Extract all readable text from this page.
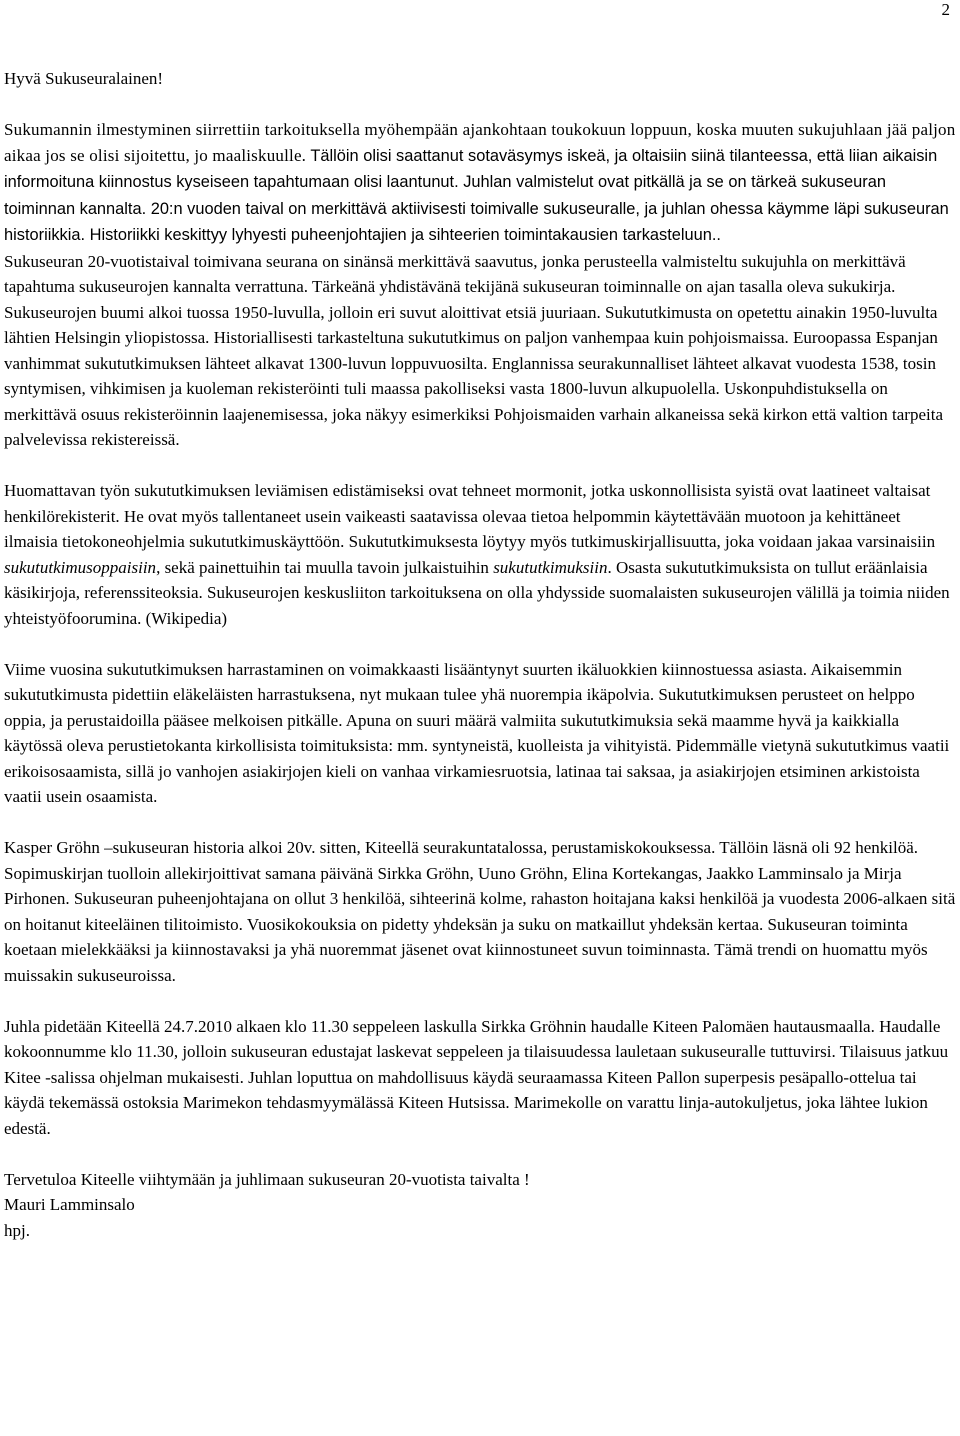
2

Hyvä Sukuseuralainen!

Sukumannin ilmestyminen siirrettiin tarkoituksella myöhempään ajankohtaan toukokuun loppuun, koska muuten sukujuhlaan jää paljon aikaa jos se olisi sijoitettu, jo maaliskuulle. Tällöin olisi saattanut sotaväsymys iskeä, ja oltaisiin siinä tilanteessa, että liian aikaisin informoituna kiinnostus kyseiseen tapahtumaan olisi laantunut. Juhlan valmistelut ovat pitkällä ja se on tärkeä sukuseuran toiminnan kannalta. 20:n vuoden taival on merkittävä aktiivisesti toimivalle sukuseuralle, ja juhlan ohessa käymme läpi sukuseuran historiikkia. Historiikki keskittyy lyhyesti puheenjohtajien ja sihteerien toimintakausien tarkasteluun..

Sukuseuran 20-vuotistaival toimivana seurana on sinänsä merkittävä saavutus, jonka perusteella valmisteltu sukujuhla on merkittävä tapahtuma sukuseurojen kannalta verrattuna. Tärkeänä yhdistävänä tekijänä sukuseuran toiminnalle on ajan tasalla oleva sukukirja.

Sukuseurojen buumi alkoi tuossa 1950-luvulla, jolloin eri suvut aloittivat etsiä juuriaan. Sukututkimusta on opetettu ainakin 1950-luvulta lähtien Helsingin yliopistossa. Historiallisesti tarkasteltuna sukututkimus on paljon vanhempaa kuin pohjoismaissa. Euroopassa Espanjan vanhimmat sukututkimuksen lähteet alkavat 1300-luvun loppuvuosilta. Englannissa seurakunnalliset lähteet alkavat vuodesta 1538, tosin syntymisen, vihkimisen ja kuoleman rekisteröinti tuli maassa pakolliseksi vasta 1800-luvun alkupuolella. Uskonpuhdistuksella on merkittävä osuus rekisteröinnin laajenemisessa, joka näkyy esimerkiksi Pohjoismaiden varhain alkaneissa sekä kirkon että valtion tarpeita palvelevissa rekistereissä.

Huomattavan työn sukututkimuksen leviämisen edistämiseksi ovat tehneet mormonit, jotka uskonnollisista syistä ovat laatineet valtaisat henkilörekisterit. He ovat myös tallentaneet usein vaikeasti saatavissa olevaa tietoa helpommin käytettävään muotoon ja kehittäneet ilmaisia tietokoneohjelmia sukututkimuskäyttöön. Sukututkimuksesta löytyy myös tutkimuskirjallisuutta, joka voidaan jakaa varsinaisiin sukututkimusoppaisiin, sekä painettuihin tai muulla tavoin julkaistuihin sukututkimuksiin. Osasta sukututkimuksista on tullut eräänlaisia käsikirjoja, referenssiteoksia. Sukuseurojen keskusliiton tarkoituksena on olla yhdysside suomalaisten sukuseurojen välillä ja toimia niiden yhteistyöfoorumina. (Wikipedia)

Viime vuosina sukututkimuksen harrastaminen on voimakkaasti lisääntynyt suurten ikäluokkien kiinnostuessa asiasta. Aikaisemmin sukututkimusta pidettiin eläkeläisten harrastuksena, nyt mukaan tulee yhä nuorempia ikäpolvia. Sukututkimuksen perusteet on helppo oppia, ja perustaidoilla pääsee melkoisen pitkälle. Apuna on suuri määrä valmiita sukututkimuksia sekä maamme hyvä ja kaikkialla käytössä oleva perustietokanta kirkollisista toimituksista: mm. syntyneistä, kuolleista ja vihityistä. Pidemmälle vietynä sukututkimus vaatii erikoisosaamista, sillä jo vanhojen asiakirjojen kieli on vanhaa virkamiesruotsia, latinaa tai saksaa, ja asiakirjojen etsiminen arkistoista vaatii usein osaamista.

Kasper Gröhn –sukuseuran historia alkoi 20v. sitten, Kiteellä seurakuntatalossa, perustamiskokouksessa. Tällöin läsnä oli 92 henkilöä. Sopimuskirjan tuolloin allekirjoittivat samana päivänä Sirkka Gröhn, Uuno Gröhn, Elina Kortekangas, Jaakko Lamminsalo ja Mirja Pirhonen. Sukuseuran puheenjohtajana on ollut 3 henkilöä, sihteerinä kolme, rahaston hoitajana kaksi henkilöä ja vuodesta 2006-alkaen sitä on hoitanut kiteeläinen tilitoimisto. Vuosikokouksia on pidetty yhdeksän ja suku on matkaillut yhdeksän kertaa. Sukuseuran toiminta koetaan mielekkääksi ja kiinnostavaksi ja yhä nuoremmat jäsenet ovat kiinnostuneet suvun toiminnasta. Tämä trendi on huomattu myös muissakin sukuseuroissa.

Juhla pidetään Kiteellä 24.7.2010 alkaen klo 11.30 seppeleen laskulla Sirkka Gröhnin haudalle Kiteen Palomäen hautausmaalla. Haudalle kokoonnumme klo 11.30, jolloin sukuseuran edustajat laskevat seppeleen ja tilaisuudessa lauletaan sukuseuralle tuttuvirsi. Tilaisuus jatkuu Kitee -salissa ohjelman mukaisesti. Juhlan loputtua on mahdollisuus käydä seuraamassa Kiteen Pallon superpesis pesäpallo-ottelua tai käydä tekemässä ostoksia Marimekon tehdasmyymälässä Kiteen Hutsissa. Marimekolle on varattu linja-autokuljetus, joka lähtee lukion edestä.

Tervetuloa Kiteelle viihtymään ja juhlimaan sukuseuran 20-vuotista taivalta !

Mauri Lamminsalo

hpj.
